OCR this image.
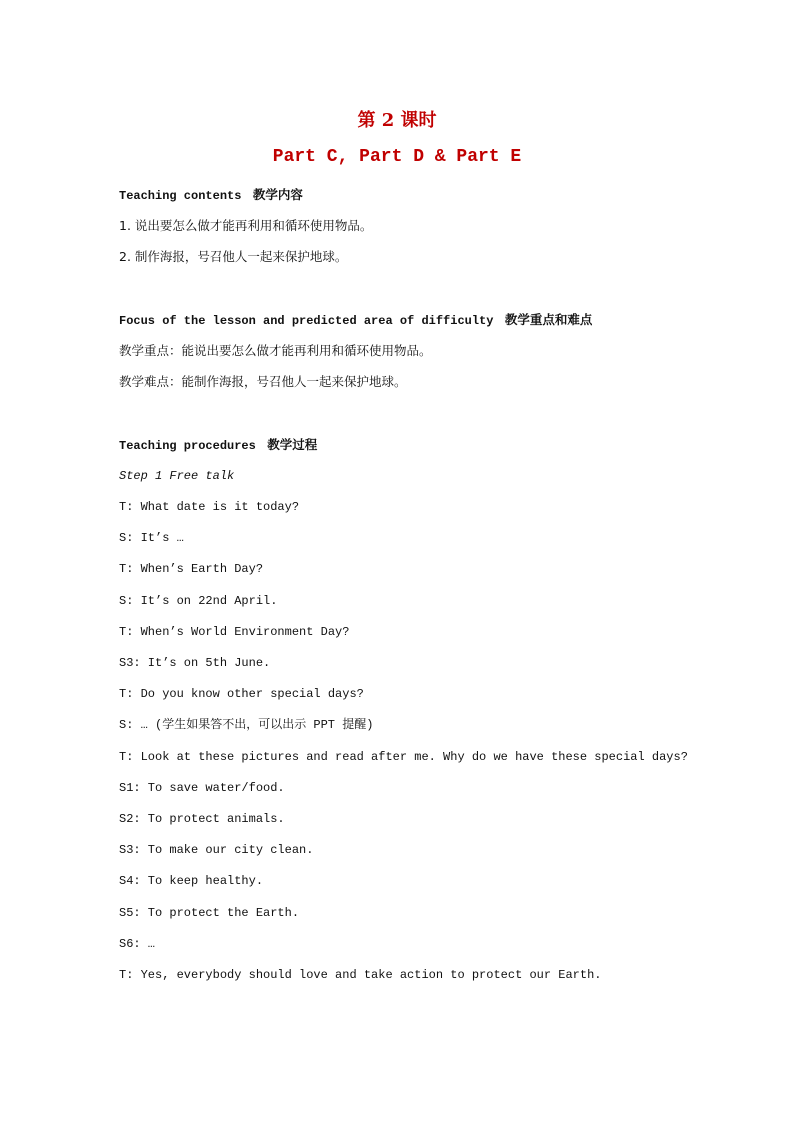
第 2 课时
Part C, Part D & Part E
Teaching contents 教学内容
1. 说出要怎么做才能再利用和循环使用物品。
2. 制作海报，号召他人一起来保护地球。
Focus of the lesson and predicted area of difficulty 教学重点和难点
教学重点：能说出要怎么做才能再利用和循环使用物品。
教学难点：能制作海报，号召他人一起来保护地球。
Teaching procedures 教学过程
Step 1 Free talk
T: What date is it today?
S: It’s …
T: When’s Earth Day?
S: It’s on 22nd April.
T: When’s World Environment Day?
S3: It’s on 5th June.
T: Do you know other special days?
S: … (学生如果答不出，可以出示 PPT 提醒)
T: Look at these pictures and read after me. Why do we have these special days?
S1: To save water/food.
S2: To protect animals.
S3: To make our city clean.
S4: To keep healthy.
S5: To protect the Earth.
S6: …
T: Yes, everybody should love and take action to protect our Earth.
